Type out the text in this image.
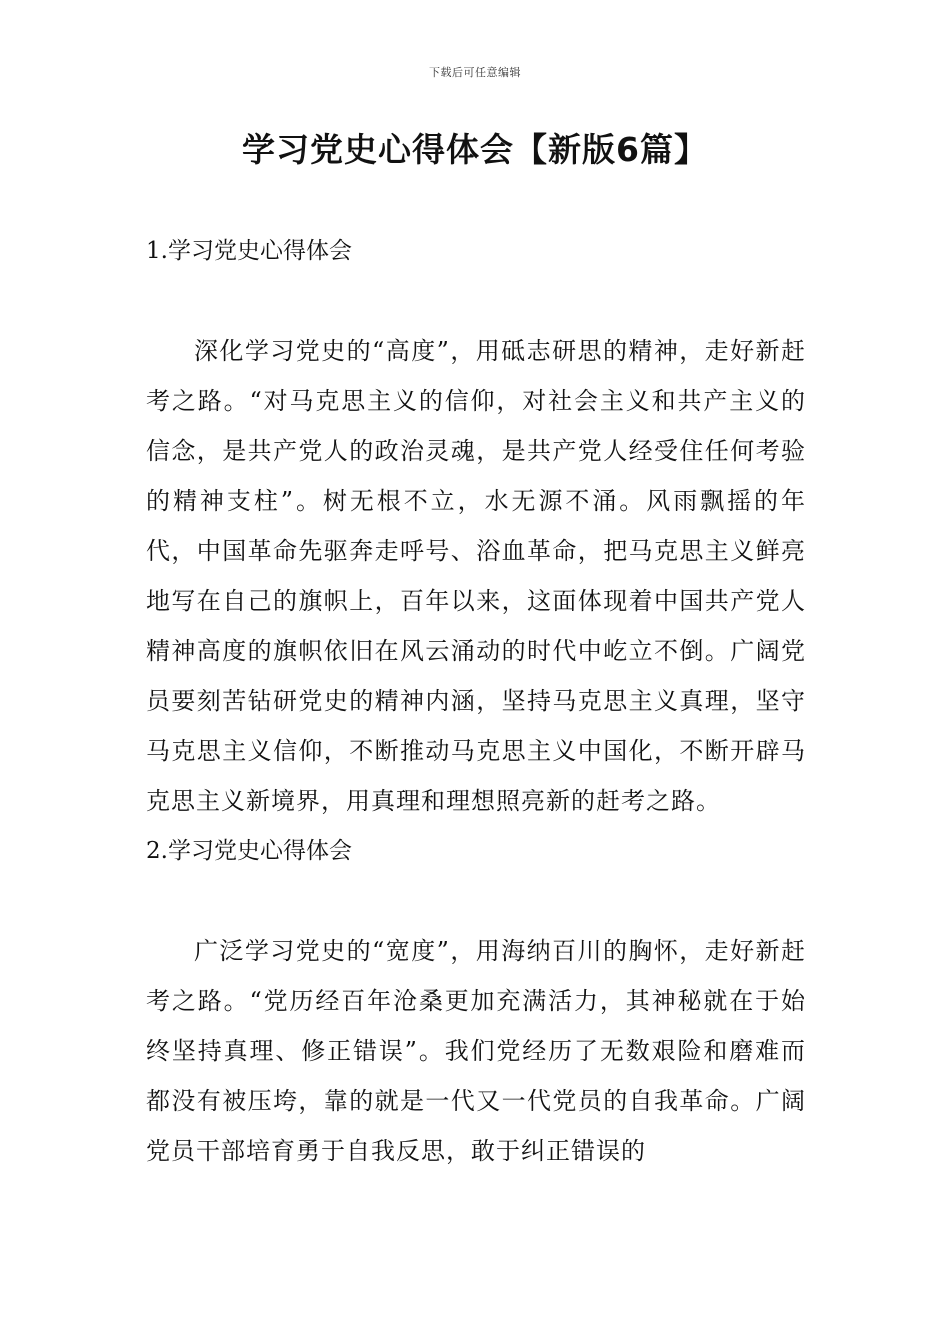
下载后可任意编辑
学习党史心得体会【新版6篇】
1.学习党史心得体会

深化学习党史的“高度”，用砥志研思的精神，走好新赶考之路。“对马克思主义的信仰，对社会主义和共产主义的信念，是共产党人的政治灵魂，是共产党人经受住任何考验的精神支柱”。树无根不立，水无源不涌。风雨飘摇的年代，中国革命先驱奔走呼号、浴血革命，把马克思主义鲜亮地写在自己的旗帜上，百年以来，这面体现着中国共产党人精神高度的旗帜依旧在风云涌动的时代中屹立不倒。广阔党员要刻苦钻研党史的精神内涵，坚持马克思主义真理，坚守马克思主义信仰，不断推动马克思主义中国化，不断开辟马克思主义新境界，用真理和理想照亮新的赶考之路。

2.学习党史心得体会

广泛学习党史的“宽度”，用海纳百川的胸怀，走好新赶考之路。“党历经百年沧桑更加充满活力，其神秘就在于始终坚持真理、修正错误”。我们党经历了无数艰险和磨难而都没有被压垮，靠的就是一代又一代党员的自我革命。广阔党员干部培育勇于自我反思，敢于纠正错误的
